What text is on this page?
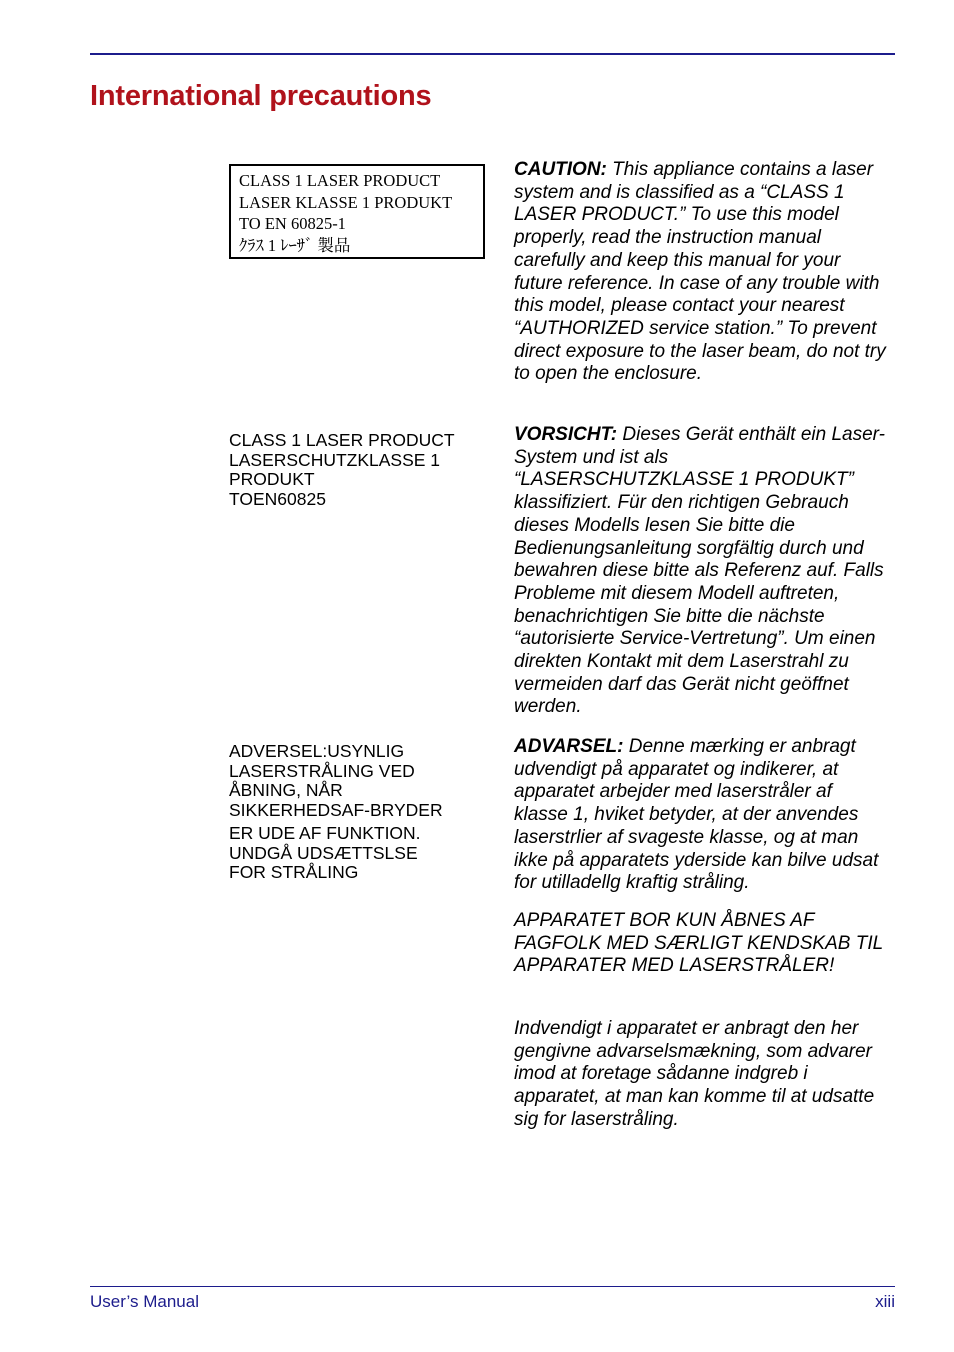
International precautions
CLASS 1 LASER PRODUCT
LASER KLASSE 1 PRODUKT
TO EN 60825-1
ｸﾗｽ 1 ﾚｰｻﾞ 製品

CAUTION: This appliance contains a laser system and is classified as a “CLASS 1 LASER PRODUCT.” To use this model properly, read the instruction manual carefully and keep this manual for your future reference. In case of any trouble with this model, please contact your nearest “AUTHORIZED service station.” To prevent direct exposure to the laser beam, do not try to open the enclosure.

CLASS 1 LASER PRODUCT
LASERSCHUTZKLASSE 1
PRODUKT
TOEN60825

VORSICHT: Dieses Gerät enthält ein Laser-System und ist als “LASERSCHUTZKLASSE 1 PRODUKT” klassifiziert. Für den richtigen Gebrauch dieses Modells lesen Sie bitte die Bedienungsanleitung sorgfältig durch und bewahren diese bitte als Referenz auf. Falls Probleme mit diesem Modell auftreten, benachrichtigen Sie bitte die nächste “autorisierte Service-Vertretung”. Um einen direkten Kontakt mit dem Laserstrahl zu vermeiden darf das Gerät nicht geöffnet werden.

ADVERSEL:USYNLIG
LASERSTRÅLING VED
ÅBNING, NÅR
SIKKERHEDSAF-BRYDER
ER UDE AF FUNKTION.
UNDGÅ UDSÆTTSLSE
FOR STRÅLING

ADVARSEL: Denne mærking er anbragt udvendigt på apparatet og indikerer, at apparatet arbejder med laserstråler af klasse 1, hviket betyder, at der anvendes laserstrlier af svageste klasse, og at man ikke på apparatets yderside kan bilve udsat for utilladellg kraftig stråling.

APPARATET BOR KUN ÅBNES AF FAGFOLK MED SÆRLIGT KENDSKAB TIL APPARATER MED LASERSTRÅLER!

Indvendigt i apparatet er anbragt den her gengivne advarselsmækning, som advarer imod at foretage sådanne indgreb i apparatet, at man kan komme til at udsatte sig for laserstråling.

User’s Manual	xiii
